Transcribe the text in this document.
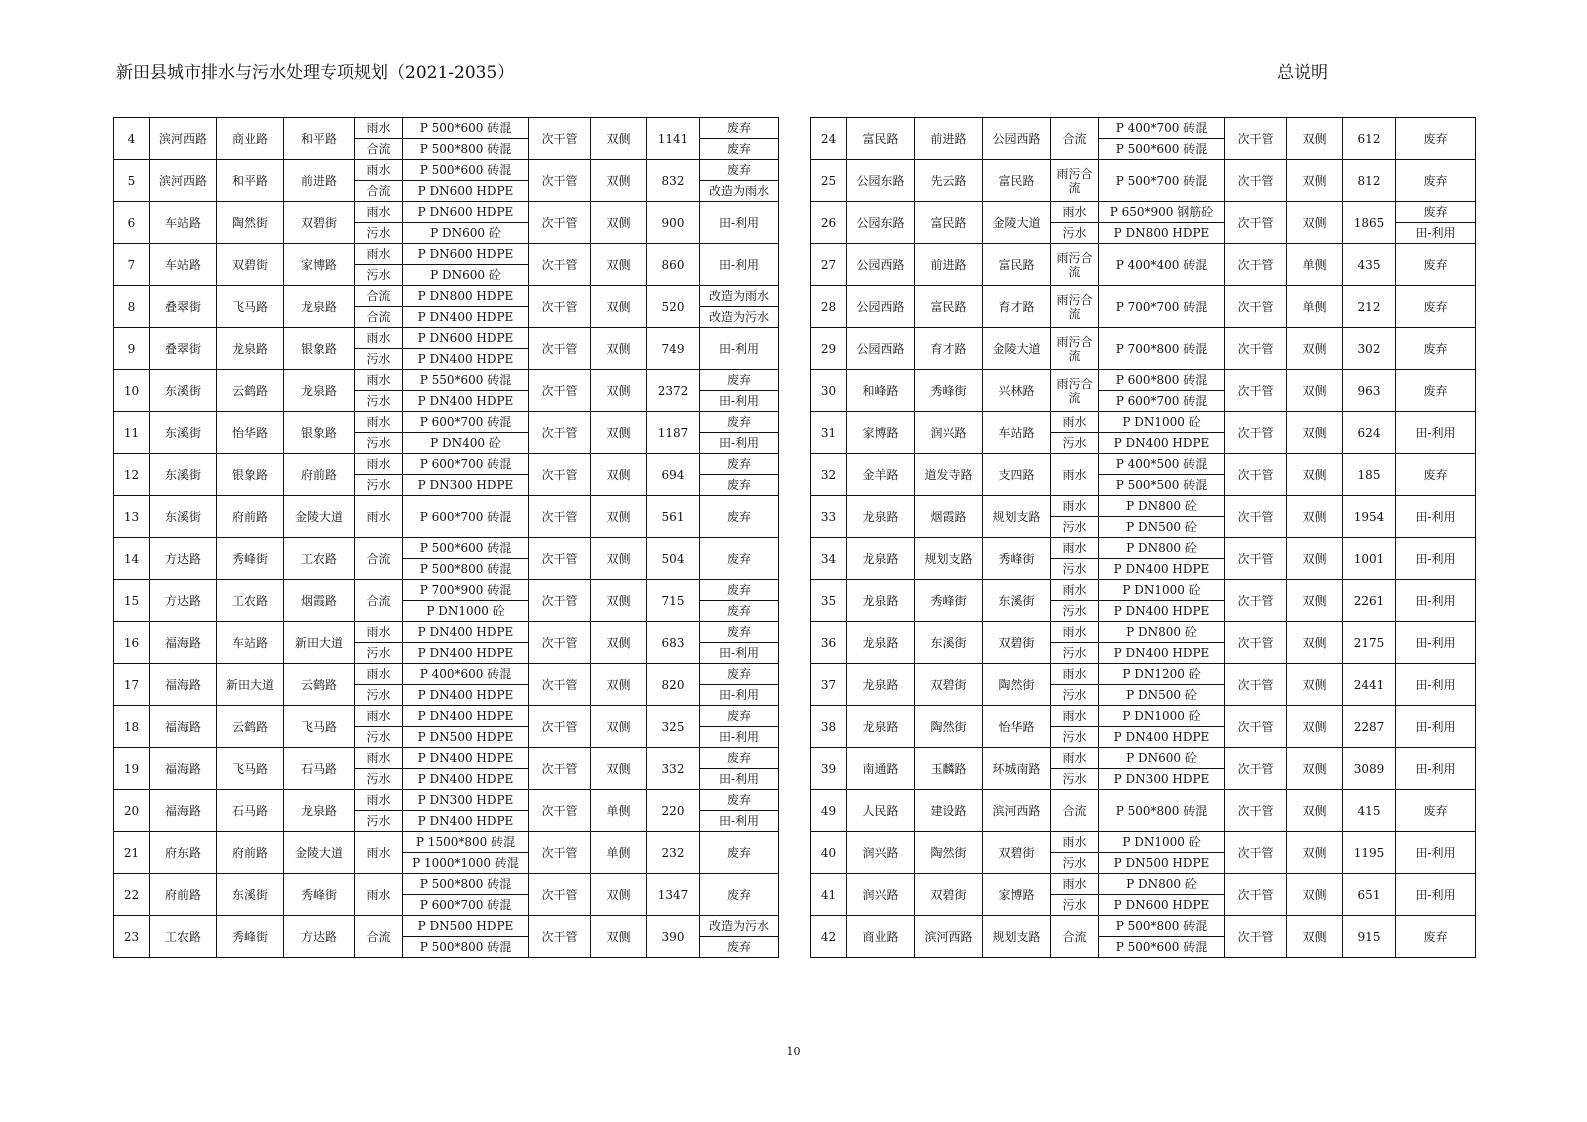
新田县城市排水与污水处理专项规划（2021-2035）	总说明
4	滨河西路	商业路	和平路	雨水	P 500*600 砖混	次干管	双侧	1141	废弃
				合流	P 500*800 砖混				废弃
5	滨河西路	和平路	前进路	雨水	P 500*600 砖混	次干管	双侧	832	废弃
				合流	P DN600 HDPE				改造为雨水
6	车站路	陶然街	双碧街	雨水	P DN600 HDPE	次干管	双侧	900	田-利用
				污水	P DN600 砼				
7	车站路	双碧街	家博路	雨水	P DN600 HDPE	次干管	双侧	860	田-利用
				污水	P DN600 砼				
8	叠翠街	飞马路	龙泉路	合流	P DN800 HDPE	次干管	双侧	520	改造为雨水
				合流	P DN400 HDPE				改造为污水
9	叠翠街	龙泉路	银象路	雨水	P DN600 HDPE	次干管	双侧	749	田-利用
				污水	P DN400 HDPE				
10	东溪街	云鹤路	龙泉路	雨水	P 550*600 砖混	次干管	双侧	2372	废弃
				污水	P DN400 HDPE				田-利用
11	东溪街	怡华路	银象路	雨水	P 600*700 砖混	次干管	双侧	1187	废弃
				污水	P DN400 砼				田-利用
12	东溪街	银象路	府前路	雨水	P 600*700 砖混	次干管	双侧	694	废弃
				污水	P DN300 HDPE				废弃
13	东溪街	府前路	金陵大道	雨水	P 600*700 砖混	次干管	双侧	561	废弃
14	方达路	秀峰街	工农路	合流	P 500*600 砖混	次干管	双侧	504	废弃
					P 500*800 砖混				
15	方达路	工农路	烟霞路	合流	P 700*900 砖混	次干管	双侧	715	废弃
					P DN1000 砼				废弃
16	福海路	车站路	新田大道	雨水	P DN400 HDPE	次干管	双侧	683	废弃
				污水	P DN400 HDPE				田-利用
17	福海路	新田大道	云鹤路	雨水	P 400*600 砖混	次干管	双侧	820	废弃
				污水	P DN400 HDPE				田-利用
18	福海路	云鹤路	飞马路	雨水	P DN400 HDPE	次干管	双侧	325	废弃
				污水	P DN500 HDPE				田-利用
19	福海路	飞马路	石马路	雨水	P DN400 HDPE	次干管	双侧	332	废弃
				污水	P DN400 HDPE				田-利用
20	福海路	石马路	龙泉路	雨水	P DN300 HDPE	次干管	单侧	220	废弃
				污水	P DN400 HDPE				田-利用
21	府东路	府前路	金陵大道	雨水	P 1500*800 砖混	次干管	单侧	232	废弃
					P 1000*1000 砖混				
22	府前路	东溪街	秀峰街	雨水	P 500*800 砖混	次干管	双侧	1347	废弃
					P 600*700 砖混				
23	工农路	秀峰街	方达路	合流	P DN500 HDPE	次干管	双侧	390	改造为污水
					P 500*800 砖混				废弃
24	富民路	前进路	公园西路	合流	P 400*700 砖混	次干管	双侧	612	废弃
					P 500*600 砖混				
25	公园东路	先云路	富民路	雨污合流	P 500*700 砖混	次干管	双侧	812	废弃
26	公园东路	富民路	金陵大道	雨水	P 650*900 钢筋砼	次干管	双侧	1865	废弃
				污水	P DN800 HDPE				田-利用
27	公园西路	前进路	富民路	雨污合流	P 400*400 砖混	次干管	单侧	435	废弃
28	公园西路	富民路	育才路	雨污合流	P 700*700 砖混	次干管	单侧	212	废弃
29	公园西路	育才路	金陵大道	雨污合流	P 700*800 砖混	次干管	双侧	302	废弃
30	和峰路	秀峰街	兴林路	雨污合流	P 600*800 砖混	次干管	双侧	963	废弃
					P 600*700 砖混				
31	家博路	润兴路	车站路	雨水	P DN1000 砼	次干管	双侧	624	田-利用
				污水	P DN400 HDPE				
32	金羊路	道发寺路	支四路	雨水	P 400*500 砖混	次干管	双侧	185	废弃
					P 500*500 砖混				
33	龙泉路	烟霞路	规划支路	雨水	P DN800 砼	次干管	双侧	1954	田-利用
				污水	P DN500 砼				
34	龙泉路	规划支路	秀峰街	雨水	P DN800 砼	次干管	双侧	1001	田-利用
				污水	P DN400 HDPE				
35	龙泉路	秀峰街	东溪街	雨水	P DN1000 砼	次干管	双侧	2261	田-利用
				污水	P DN400 HDPE				
36	龙泉路	东溪街	双碧街	雨水	P DN800 砼	次干管	双侧	2175	田-利用
				污水	P DN400 HDPE				
37	龙泉路	双碧街	陶然街	雨水	P DN1200 砼	次干管	双侧	2441	田-利用
				污水	P DN500 砼				
38	龙泉路	陶然街	怡华路	雨水	P DN1000 砼	次干管	双侧	2287	田-利用
				污水	P DN400 HDPE				
39	南通路	玉麟路	环城南路	雨水	P DN600 砼	次干管	双侧	3089	田-利用
				污水	P DN300 HDPE				
49	人民路	建设路	滨河西路	合流	P 500*800 砖混	次干管	双侧	415	废弃
40	润兴路	陶然街	双碧街	雨水	P DN1000 砼	次干管	双侧	1195	田-利用
				污水	P DN500 HDPE				
41	润兴路	双碧街	家博路	雨水	P DN800 砼	次干管	双侧	651	田-利用
				污水	P DN600 HDPE				
42	商业路	滨河西路	规划支路	合流	P 500*800 砖混	次干管	双侧	915	废弃
					P 500*600 砖混				
10
